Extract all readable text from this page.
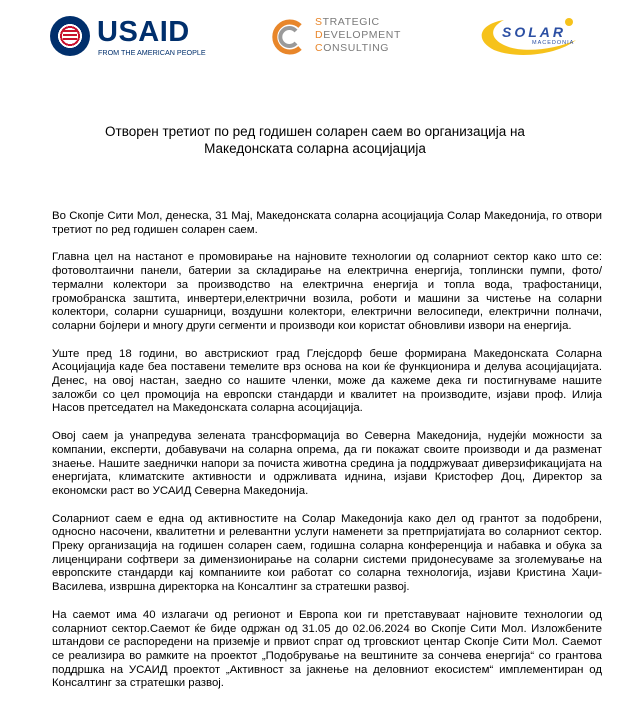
USAID
FROM THE AMERICAN PEOPLE
STRATEGIC
DEVELOPMENT
CONSULTING
SOLAR
MACEDONIA
Отворен третиот по ред годишен соларен саем во организација на Македонската соларна асоцијација

Во Скопје Сити Мол, денеска, 31 Мај, Македонската соларна асоцијација Солар Македонија, го отвори третиот по ред годишен соларен саем.

Главна цел на настанот е промовирање на најновите технологии од соларниот сектор како што се: фотоволтаични панели, батерии за складирање на електрична енергија, топлински пумпи, фото/термални колектори за производство на електрична енергија и топла вода, трафостаници, громобранска заштита, инвертери,електрични возила, роботи и машини за чистење на соларни колектори, соларни сушарници, воздушни колектори, електрични велосипеди, електрични полначи, соларни бојлери и многу други сегменти и производи кои користат обновливи извори на енергија.

Уште пред 18 години, во австрискиот град Глејсдорф беше формирана Македонската Соларна Асоцијација каде беа поставени темелите врз основа на кои ќе функционира и делува асоцијацијата. Денес, на овој настан, заедно со нашите членки, може да кажеме дека ги постигнуваме нашите заложби со цел промоција на европски стандарди и квалитет на производите, изјави проф. Илија Насов претседател на Македонската соларна асоцијација.

Овој саем ја унапредува зелената трансформација во Северна Македонија, нудејќи можности за компании, експерти, добавувачи на соларна опрема, да ги покажат своите производи и да разменат знаење. Нашите заеднички напори за почиста животна средина ја поддржуваат диверзификацијата на енергијата, климатските активности и одржливата иднина, изјави Кристофер Доц, Директор за економски раст во УСАИД Северна Македонија.

Соларниот саем е една од активностите на Солар Македонија како дел од грантот за подобрени, односно насочени, квалитетни и релевантни услуги наменети за претпријатијата во соларниот сектор. Преку организација на годишен соларен саем, годишна соларна конференција и набавка и обука за лиценцирани софтвери за димензионирање на соларни системи придонесуваме за зголемување на европските стандарди кај компаниите кои работат со соларна технологија, изјави Кристина Хаџи- Василева, извршна директорка на Консалтинг за стратешки развој.

На саемот има 40 излагачи од регионот и Европа кои ги претставуваат најновите технологии од соларниот сектор.Саемот ќе биде одржан од 31.05 до 02.06.2024 во Скопје Сити Мол. Изложбените штандови се распоредени на приземје и првиот спрат од трговскиот центар Скопје Сити Мол. Саемот се реализира во рамките на проектот „Подобрување на вештините за сончева енергија“ со грантова поддршка на УСАИД проектот „Активност за јакнење на деловниот екосистем“ имплементиран од Консалтинг за стратешки развој.
